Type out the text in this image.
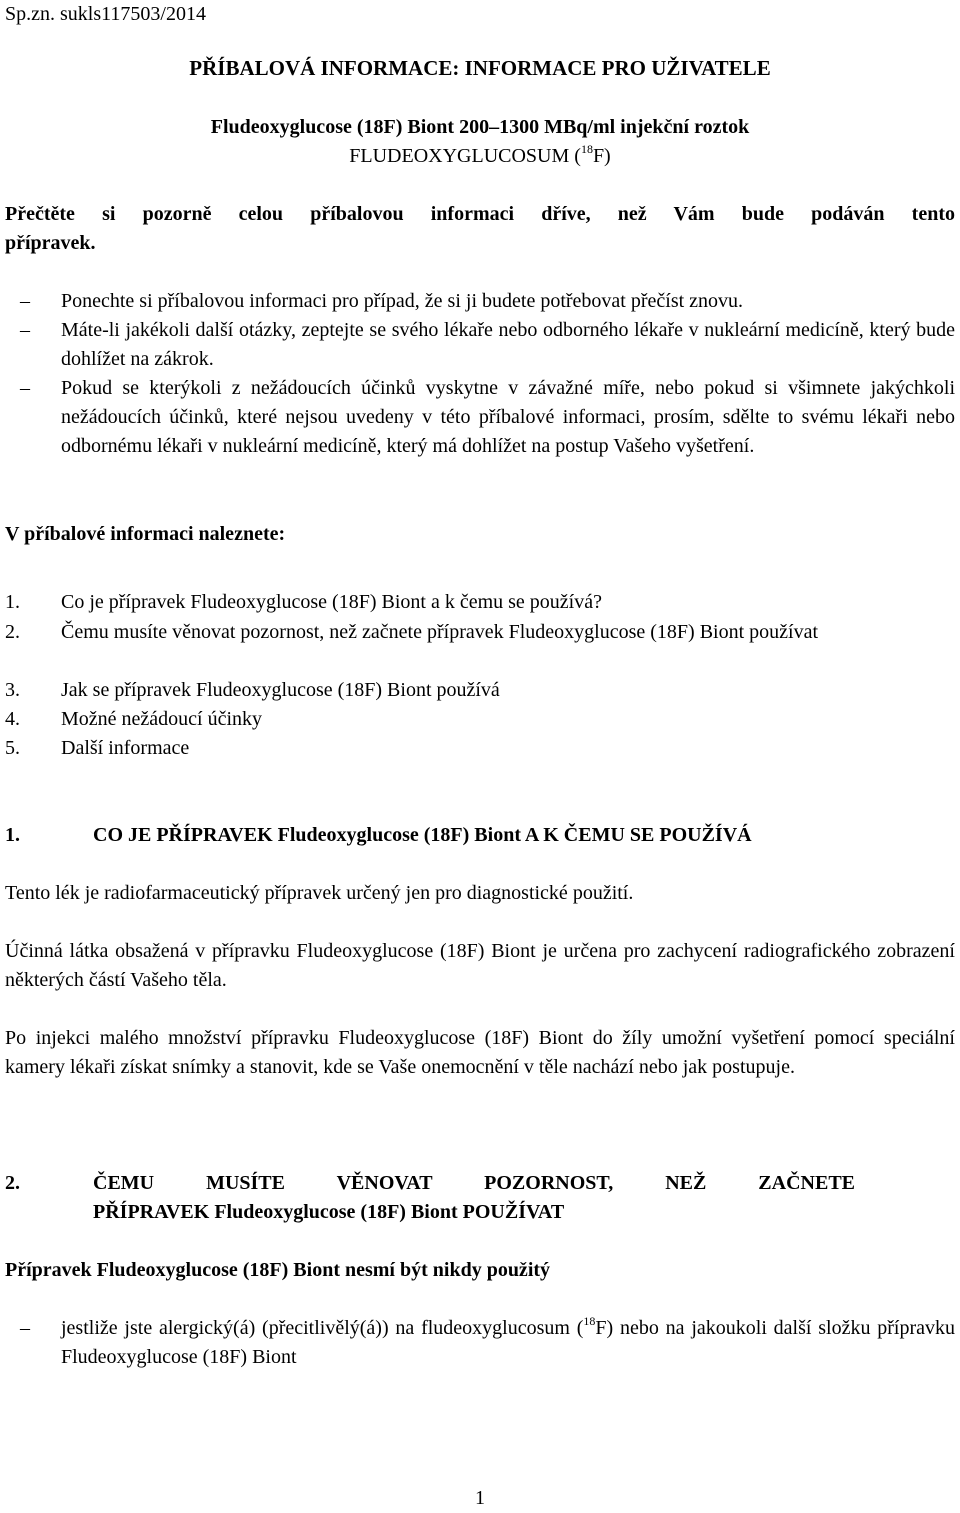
Sp.zn. sukls117503/2014
PŘÍBALOVÁ INFORMACE: INFORMACE PRO UŽIVATELE
Fludeoxyglucose (18F) Biont 200–1300 MBq/ml injekční roztok
FLUDEOXYGLUCOSUM ($^{18}$F)
Přečtěte si pozorně celou příbalovou informaci dříve, než Vám bude podáván tento
přípravek.
–	Ponechte si příbalovou informaci pro případ, že si ji budete potřebovat přečíst znovu.
–	Máte-li jakékoli další otázky, zeptejte se svého lékaře nebo odborného lékaře v nukleární medicíně, který bude dohlížet na zákrok.
–	Pokud se kterýkoli z nežádoucích účinků vyskytne v závažné míře, nebo pokud si všimnete jakýchkoli nežádoucích účinků, které nejsou uvedeny v této příbalové informaci, prosím, sdělte to svému lékaři nebo odbornému lékaři v nukleární medicíně, který má dohlížet na postup Vašeho vyšetření.
V příbalové informaci naleznete:
1.	Co je přípravek Fludeoxyglucose (18F) Biont a k čemu se používá?
2.	Čemu musíte věnovat pozornost, než začnete přípravek Fludeoxyglucose (18F) Biont používat
3.	Jak se přípravek Fludeoxyglucose (18F) Biont používá
4.	Možné nežádoucí účinky
5.	Další informace
1.	CO JE PŘÍPRAVEK Fludeoxyglucose (18F) Biont A K ČEMU SE POUŽÍVÁ
Tento lék je radiofarmaceutický přípravek určený jen pro diagnostické použití.
Účinná látka obsažená v přípravku Fludeoxyglucose (18F) Biont je určena pro zachycení radiografického zobrazení některých částí Vašeho těla.
Po injekci malého množství přípravku Fludeoxyglucose (18F) Biont do žíly umožní vyšetření pomocí speciální kamery lékaři získat snímky a stanovit, kde se Vaše onemocnění v těle nachází nebo jak postupuje.
2.	ČEMU MUSÍTE VĚNOVAT POZORNOST, NEŽ ZAČNETE
PŘÍPRAVEK Fludeoxyglucose (18F) Biont POUŽÍVAT
Přípravek Fludeoxyglucose (18F) Biont nesmí být nikdy použitý
–	jestliže jste alergický(á) (přecitlivělý(á)) na fludeoxyglucosum ($^{18}$F) nebo na jakoukoli další složku přípravku Fludeoxyglucose (18F) Biont
1
